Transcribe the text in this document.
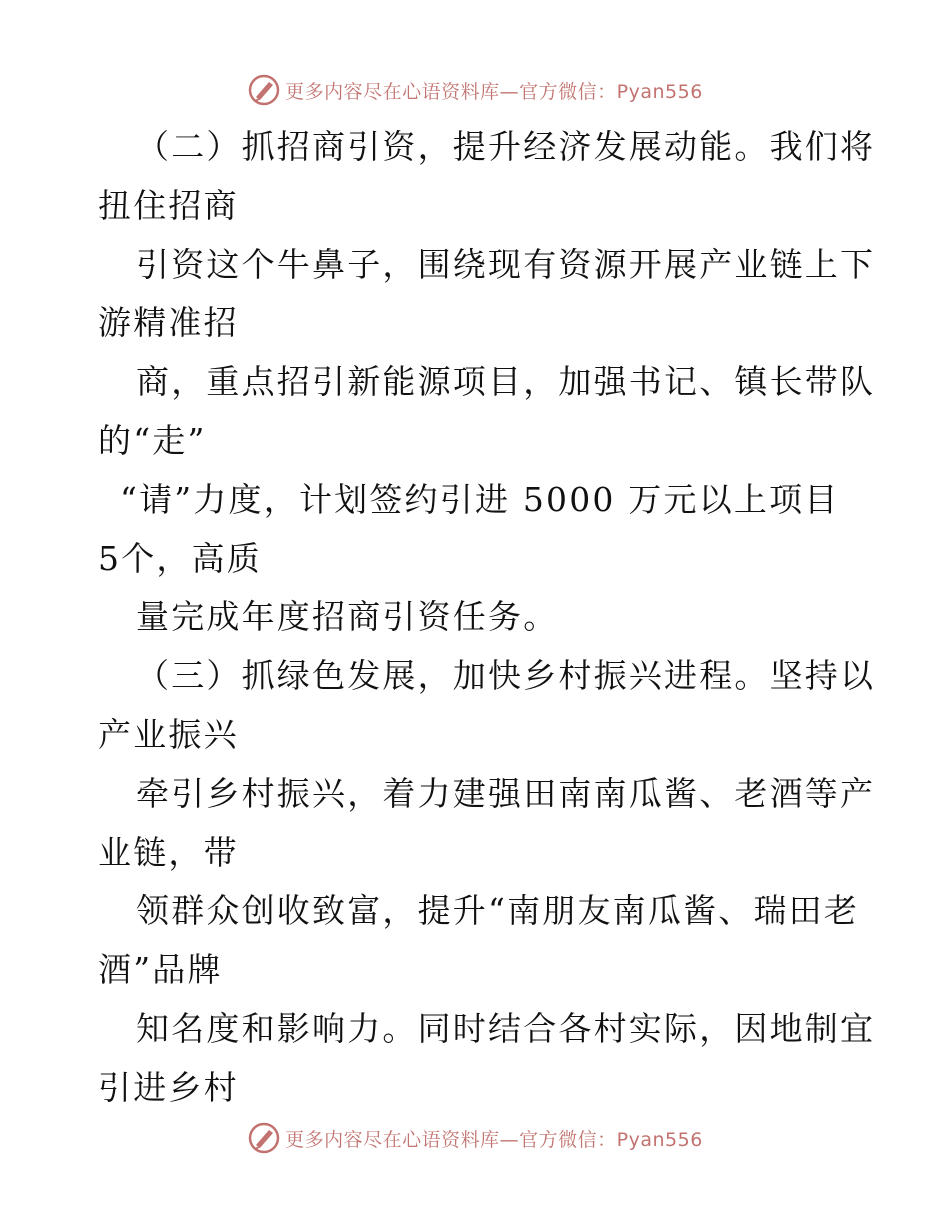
更多内容尽在心语资料库—官方微信：Pyan556
（二）抓招商引资，提升经济发展动能。我们将
扭住招商
引资这个牛鼻子，围绕现有资源开展产业链上下
游精准招
商，重点招引新能源项目，加强书记、镇长带队
的“走”
“请”力度，计划签约引进 5000 万元以上项目
5个，高质
量完成年度招商引资任务。
（三）抓绿色发展，加快乡村振兴进程。坚持以
产业振兴
牵引乡村振兴，着力建强田南南瓜酱、老酒等产
业链，带
领群众创收致富，提升“南朋友南瓜酱、瑞田老
酒”品牌
知名度和影响力。同时结合各村实际，因地制宜
引进乡村
更多内容尽在心语资料库—官方微信：Pyan556
